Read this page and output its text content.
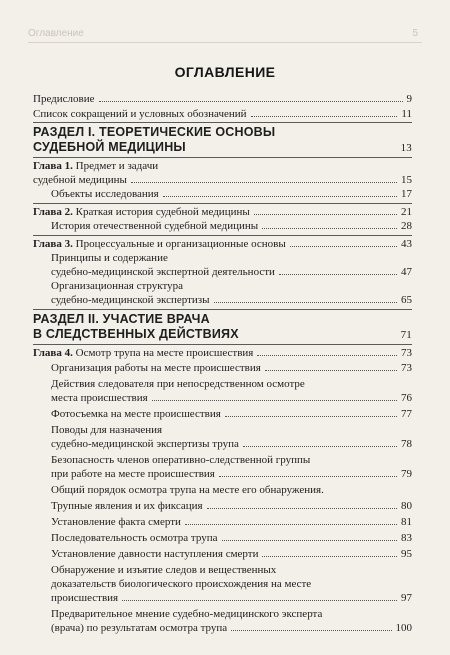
Оглавление	5
ОГЛАВЛЕНИЕ
Предисловие	9
Список сокращений и условных обозначений	11
РАЗДЕЛ I. ТЕОРЕТИЧЕСКИЕ ОСНОВЫ
СУДЕБНОЙ МЕДИЦИНЫ	13
Глава 1. Предмет и задачи
судебной медицины	15
Объекты исследования	17
Глава 2. Краткая история судебной медицины	21
История отечественной судебной медицины	28
Глава 3. Процессуальные и организационные основы	43
Принципы и содержание
судебно-медицинской экспертной деятельности	47
Организационная структура
судебно-медицинской экспертизы	65
РАЗДЕЛ II. УЧАСТИЕ ВРАЧА
В СЛЕДСТВЕННЫХ ДЕЙСТВИЯХ	71
Глава 4. Осмотр трупа на месте происшествия	73
Организация работы на месте происшествия	73
Действия следователя при непосредственном осмотре
места происшествия	76
Фотосъемка на месте происшествия	77
Поводы для назначения
судебно-медицинской экспертизы трупа	78
Безопасность членов оперативно-следственной группы
при работе на месте происшествия	79
Общий порядок осмотра трупа на месте его обнаружения.
Трупные явления и их фиксация	80
Установление факта смерти	81
Последовательность осмотра трупа	83
Установление давности наступления смерти	95
Обнаружение и изъятие следов и вещественных
доказательств биологического происхождения на месте
происшествия	97
Предварительное мнение судебно-медицинского эксперта
(врача) по результатам осмотра трупа	100
